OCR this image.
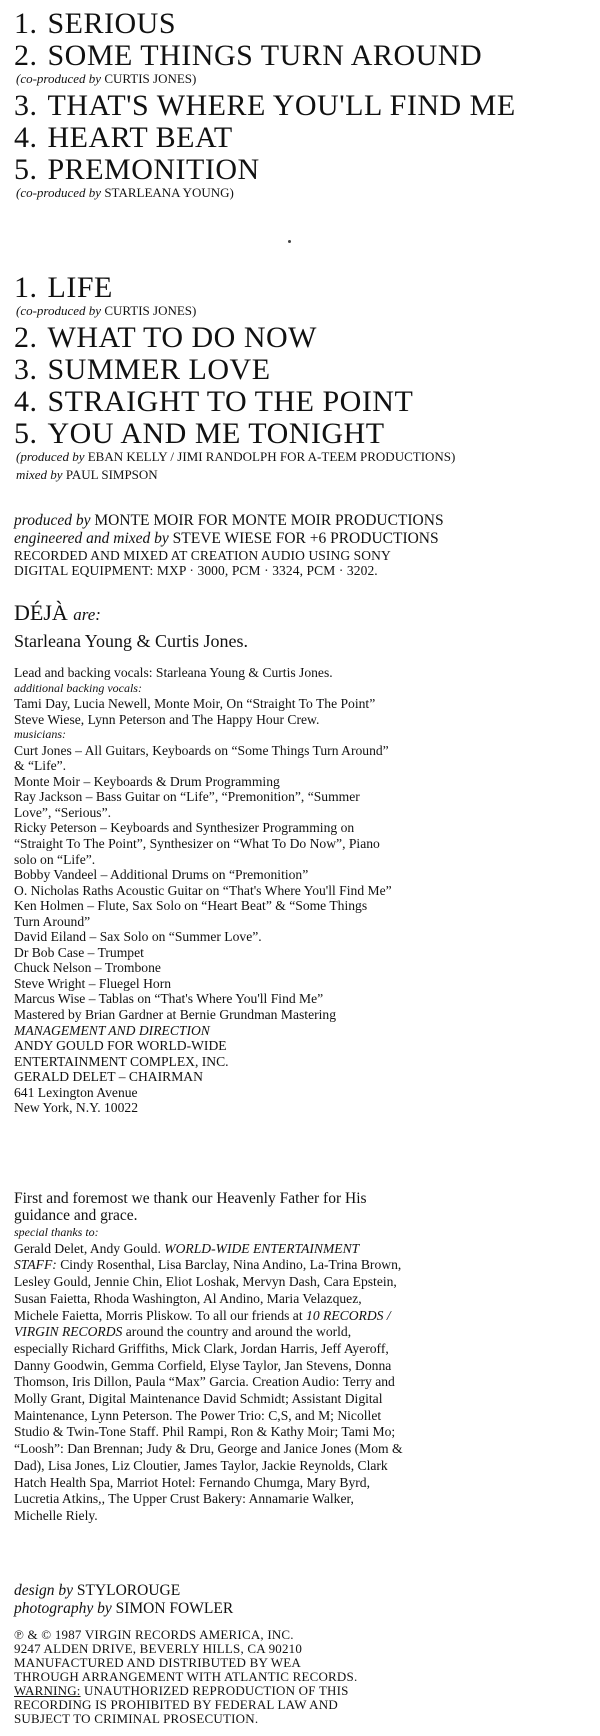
1. SERIOUS
2. SOME THINGS TURN AROUND
(co-produced by CURTIS JONES)
3. THAT'S WHERE YOU'LL FIND ME
4. HEART BEAT
5. PREMONITION
(co-produced by STARLEANA YOUNG)
1. LIFE
(co-produced by CURTIS JONES)
2. WHAT TO DO NOW
3. SUMMER LOVE
4. STRAIGHT TO THE POINT
5. YOU AND ME TONIGHT
(produced by EBAN KELLY / JIMI RANDOLPH FOR A-TEEM PRODUCTIONS)
mixed by PAUL SIMPSON
produced by MONTE MOIR FOR MONTE MOIR PRODUCTIONS
engineered and mixed by STEVE WIESE FOR +6 PRODUCTIONS
RECORDED AND MIXED AT CREATION AUDIO USING SONY
DIGITAL EQUIPMENT: MXP · 3000, PCM · 3324, PCM · 3202.
DÉJÀ are:
Starleana Young & Curtis Jones.

Lead and backing vocals: Starleana Young & Curtis Jones.

additional backing vocals:

Tami Day, Lucia Newell, Monte Moir, On “Straight To The Point” Steve Wiese, Lynn Peterson and The Happy Hour Crew.

musicians:

Curt Jones – All Guitars, Keyboards on “Some Things Turn Around” & “Life”.

Monte Moir – Keyboards & Drum Programming

Ray Jackson – Bass Guitar on “Life”, “Premonition”, “Summer Love”, “Serious”.

Ricky Peterson – Keyboards and Synthesizer Programming on “Straight To The Point”, Synthesizer on “What To Do Now”, Piano solo on “Life”.

Bobby Vandeel – Additional Drums on “Premonition”

O. Nicholas Raths Acoustic Guitar on “That's Where You'll Find Me”

Ken Holmen – Flute, Sax Solo on “Heart Beat” & “Some Things Turn Around”

David Eiland – Sax Solo on “Summer Love”.

Dr Bob Case – Trumpet

Chuck Nelson – Trombone

Steve Wright – Fluegel Horn

Marcus Wise – Tablas on “That's Where You'll Find Me”

Mastered by Brian Gardner at Bernie Grundman Mastering

MANAGEMENT AND DIRECTION

ANDY GOULD FOR WORLD-WIDE

ENTERTAINMENT COMPLEX, INC.

GERALD DELET – CHAIRMAN

641 Lexington Avenue

New York, N.Y. 10022

First and foremost we thank our Heavenly Father for His guidance and grace.
special thanks to:
Gerald Delet, Andy Gould. WORLD-WIDE ENTERTAINMENT STAFF: Cindy Rosenthal, Lisa Barclay, Nina Andino, La-Trina Brown, Lesley Gould, Jennie Chin, Eliot Loshak, Mervyn Dash, Cara Epstein, Susan Faietta, Rhoda Washington, Al Andino, Maria Velazquez, Michele Faietta, Morris Pliskow. To all our friends at 10 RECORDS / VIRGIN RECORDS around the country and around the world, especially Richard Griffiths, Mick Clark, Jordan Harris, Jeff Ayeroff, Danny Goodwin, Gemma Corfield, Elyse Taylor, Jan Stevens, Donna Thomson, Iris Dillon, Paula “Max” Garcia. Creation Audio: Terry and Molly Grant, Digital Maintenance David Schmidt; Assistant Digital Maintenance, Lynn Peterson. The Power Trio: C,S, and M; Nicollet Studio & Twin-Tone Staff. Phil Rampi, Ron & Kathy Moir; Tami Mo; “Loosh”: Dan Brennan; Judy & Dru, George and Janice Jones (Mom & Dad), Lisa Jones, Liz Cloutier, James Taylor, Jackie Reynolds, Clark Hatch Health Spa, Marriot Hotel: Fernando Chumga, Mary Byrd, Lucretia Atkins,, The Upper Crust Bakery: Annamarie Walker, Michelle Riely.
design by STYLOROUGE
photography by SIMON FOWLER
℗ & © 1987 VIRGIN RECORDS AMERICA, INC.
9247 ALDEN DRIVE, BEVERLY HILLS, CA 90210
MANUFACTURED AND DISTRIBUTED BY WEA
THROUGH ARRANGEMENT WITH ATLANTIC RECORDS.
WARNING: UNAUTHORIZED REPRODUCTION OF THIS
RECORDING IS PROHIBITED BY FEDERAL LAW AND
SUBJECT TO CRIMINAL PROSECUTION.
